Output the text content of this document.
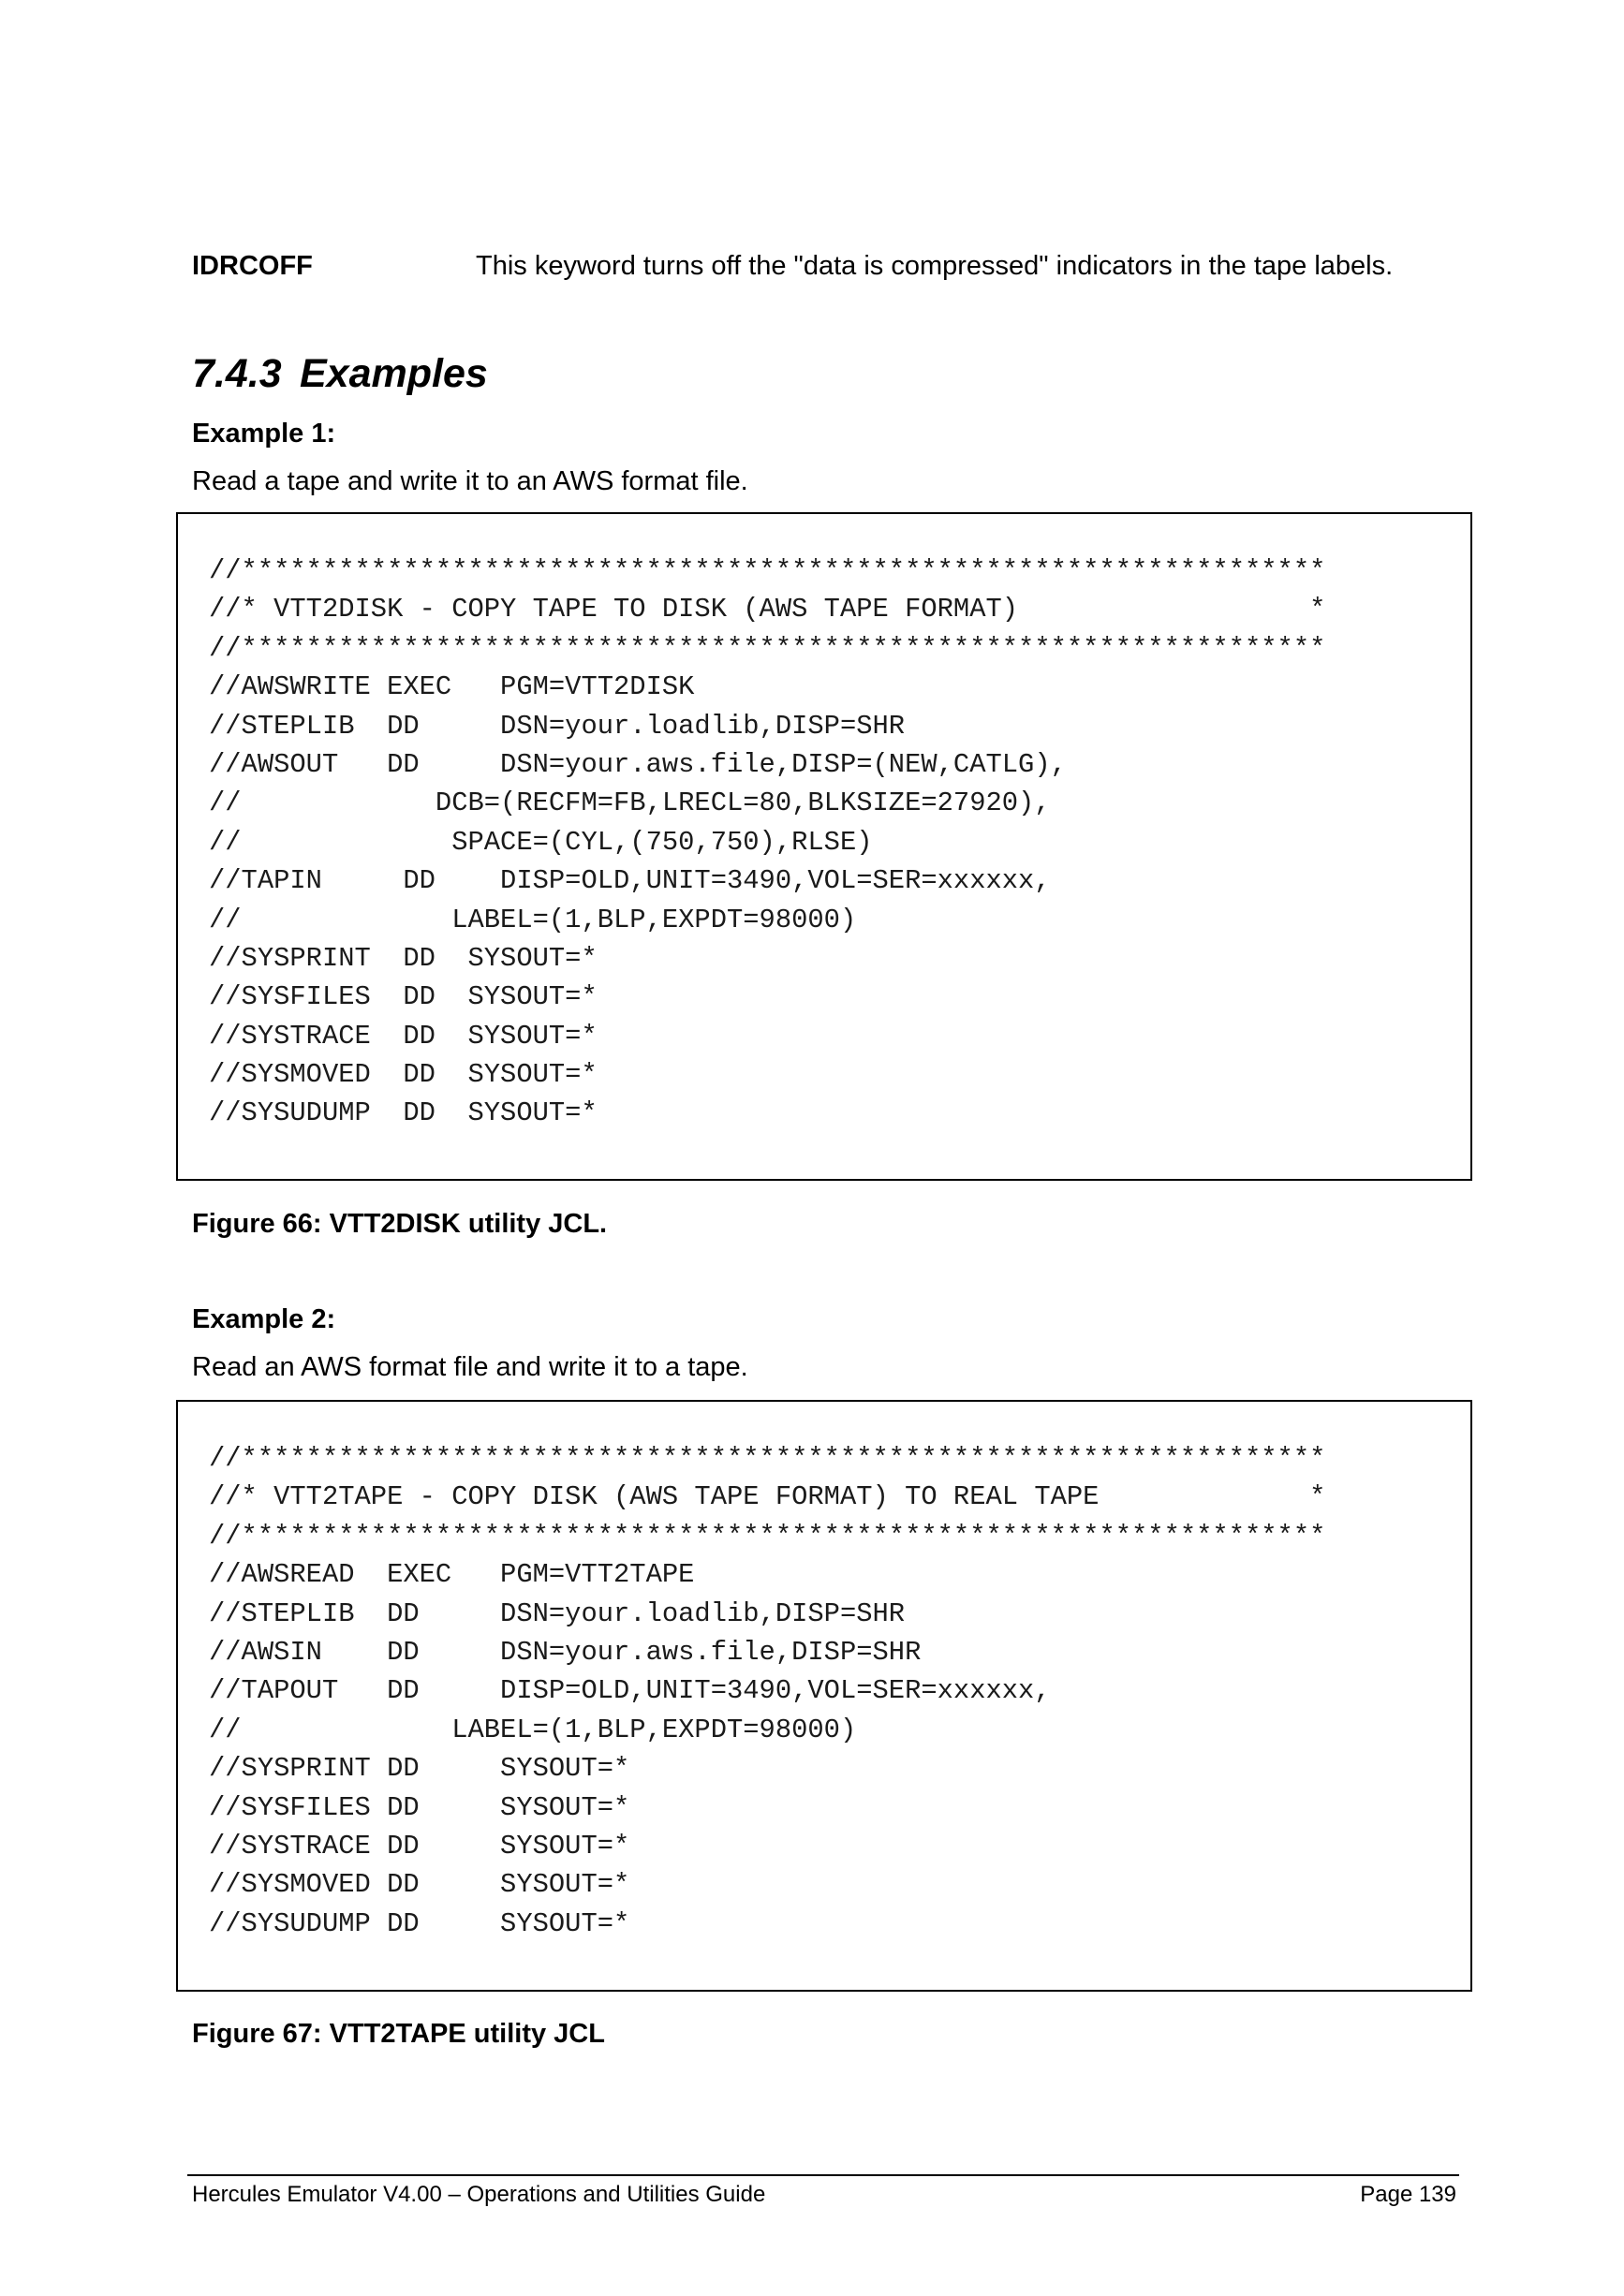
IDRCOFF	This keyword turns off the "data is compressed" indicators in the tape labels.
7.4.3 Examples
Example 1:

Read a tape and write it to an AWS format file.

//*******************************************************************
//* VTT2DISK - COPY TAPE TO DISK (AWS TAPE FORMAT)                  *
//*******************************************************************
//AWSWRITE EXEC   PGM=VTT2DISK
//STEPLIB  DD     DSN=your.loadlib,DISP=SHR
//AWSOUT   DD     DSN=your.aws.file,DISP=(NEW,CATLG),
//            DCB=(RECFM=FB,LRECL=80,BLKSIZE=27920),
//             SPACE=(CYL,(750,750),RLSE)
//TAPIN     DD    DISP=OLD,UNIT=3490,VOL=SER=xxxxxx,
//             LABEL=(1,BLP,EXPDT=98000)
//SYSPRINT  DD  SYSOUT=*
//SYSFILES  DD  SYSOUT=*
//SYSTRACE  DD  SYSOUT=*
//SYSMOVED  DD  SYSOUT=*
//SYSUDUMP  DD  SYSOUT=*

Figure 66: VTT2DISK utility JCL.

Example 2:

Read an AWS format file and write it to a tape.

//*******************************************************************
//* VTT2TAPE - COPY DISK (AWS TAPE FORMAT) TO REAL TAPE             *
//*******************************************************************
//AWSREAD  EXEC   PGM=VTT2TAPE
//STEPLIB  DD     DSN=your.loadlib,DISP=SHR
//AWSIN    DD     DSN=your.aws.file,DISP=SHR
//TAPOUT   DD     DISP=OLD,UNIT=3490,VOL=SER=xxxxxx,
//             LABEL=(1,BLP,EXPDT=98000)
//SYSPRINT DD     SYSOUT=*
//SYSFILES DD     SYSOUT=*
//SYSTRACE DD     SYSOUT=*
//SYSMOVED DD     SYSOUT=*
//SYSUDUMP DD     SYSOUT=*

Figure 67: VTT2TAPE utility JCL

Hercules Emulator V4.00 – Operations and Utilities Guide	Page 139
